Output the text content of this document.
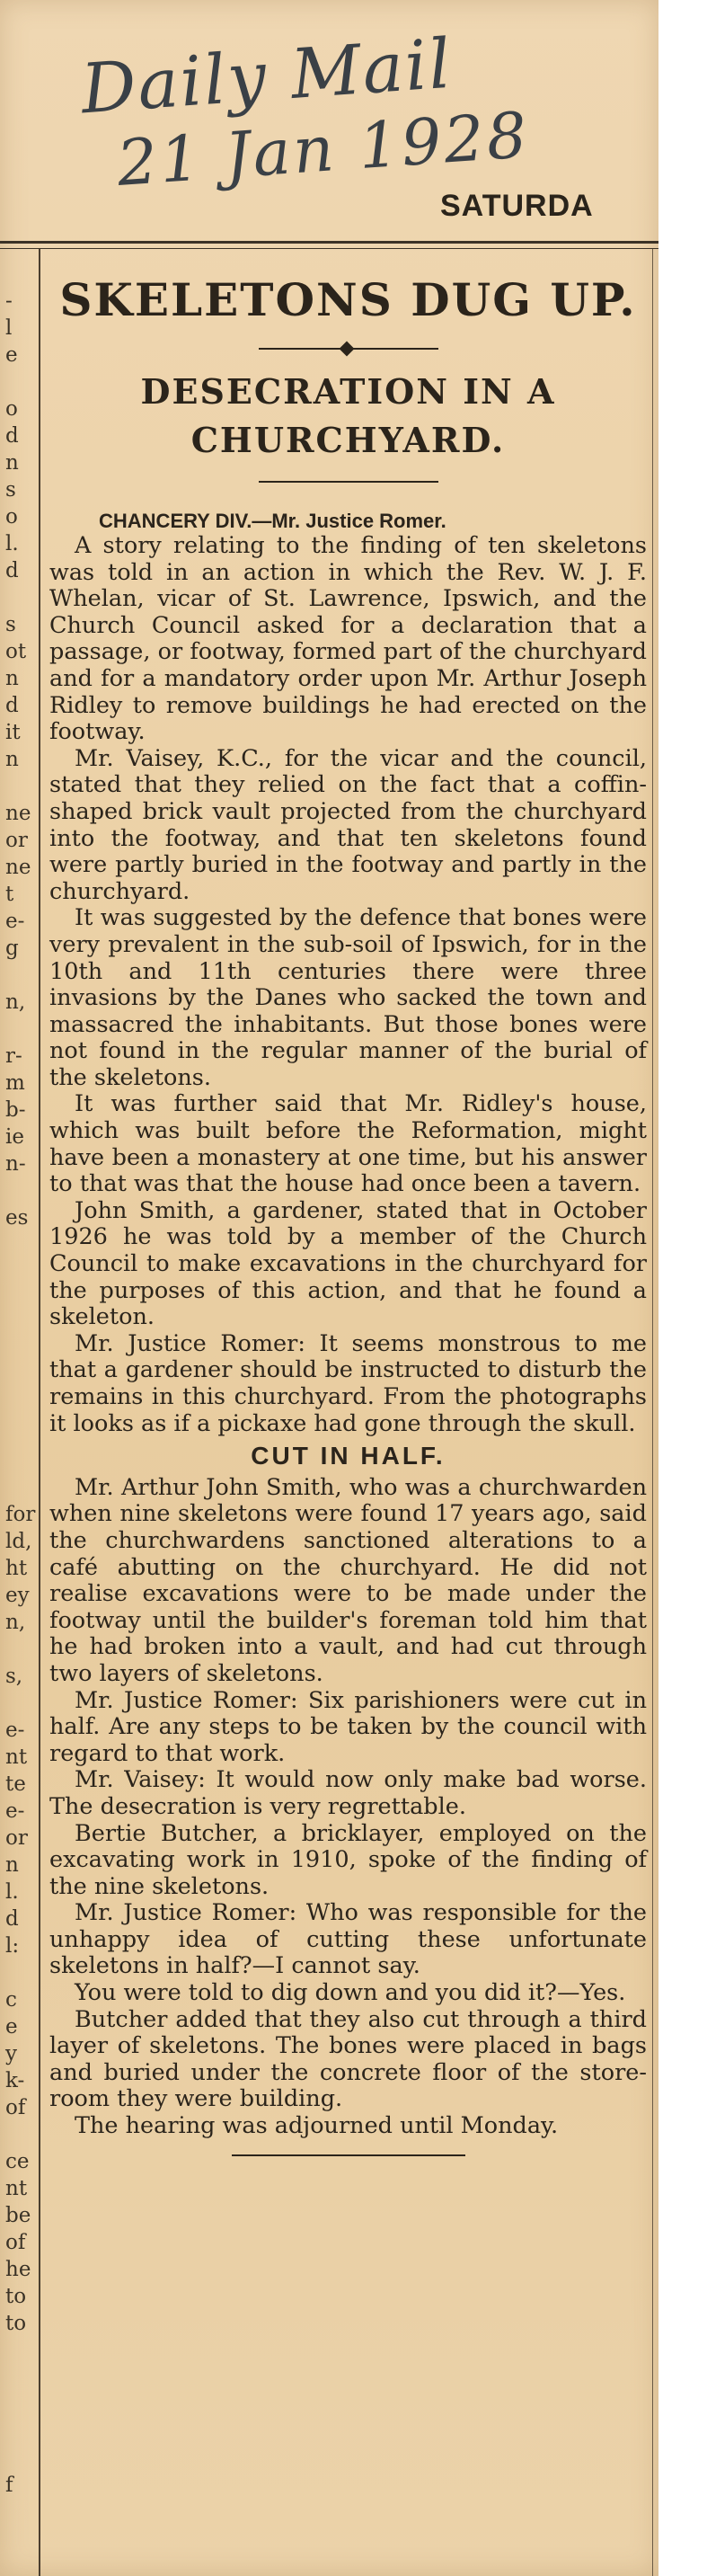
Daily Mail
21 Jan 1928
SATURDA
-
l
e
o
d
n
s
o
l.
d
s
ot
n
d
it
n
ne
or
ne
t
e-
g
n,
r-
m
b-
ie
n-
es
for
ld,
ht
ey
n,
s,
e-
nt
te
e-
or
n
l.
d
l:
c
e
y
k-
of
ce
nt
be
of
he
to
to
f
SKELETONS DUG UP.
DESECRATION IN A CHURCHYARD.
CHANCERY DIV.—Mr. Justice Romer.

A story relating to the finding of ten skeletons was told in an action in which the Rev. W. J. F. Whelan, vicar of St. Lawrence, Ipswich, and the Church Council asked for a declaration that a passage, or footway, formed part of the churchyard and for a mandatory order upon Mr. Arthur Joseph Ridley to remove buildings he had erected on the footway.

Mr. Vaisey, K.C., for the vicar and the council, stated that they relied on the fact that a coffin-shaped brick vault projected from the churchyard into the footway, and that ten skeletons found were partly buried in the footway and partly in the churchyard.

It was suggested by the defence that bones were very prevalent in the sub-soil of Ipswich, for in the 10th and 11th centuries there were three invasions by the Danes who sacked the town and massacred the inhabitants. But those bones were not found in the regular manner of the burial of the skeletons.

It was further said that Mr. Ridley's house, which was built before the Reformation, might have been a monastery at one time, but his answer to that was that the house had once been a tavern.

John Smith, a gardener, stated that in October 1926 he was told by a member of the Church Council to make excavations in the churchyard for the purposes of this action, and that he found a skeleton.

Mr. Justice Romer: It seems monstrous to me that a gardener should be instructed to disturb the remains in this churchyard. From the photographs it looks as if a pickaxe had gone through the skull.

CUT IN HALF.

Mr. Arthur John Smith, who was a churchwarden when nine skeletons were found 17 years ago, said the churchwardens sanctioned alterations to a café abutting on the churchyard. He did not realise excavations were to be made under the footway until the builder's foreman told him that he had broken into a vault, and had cut through two layers of skeletons.

Mr. Justice Romer: Six parishioners were cut in half. Are any steps to be taken by the council with regard to that work.

Mr. Vaisey: It would now only make bad worse. The desecration is very regrettable.

Bertie Butcher, a bricklayer, employed on the excavating work in 1910, spoke of the finding of the nine skeletons.

Mr. Justice Romer: Who was responsible for the unhappy idea of cutting these unfortunate skeletons in half?—I cannot say.

You were told to dig down and you did it?—Yes.

Butcher added that they also cut through a third layer of skeletons. The bones were placed in bags and buried under the concrete floor of the store-room they were building.

The hearing was adjourned until Monday.
